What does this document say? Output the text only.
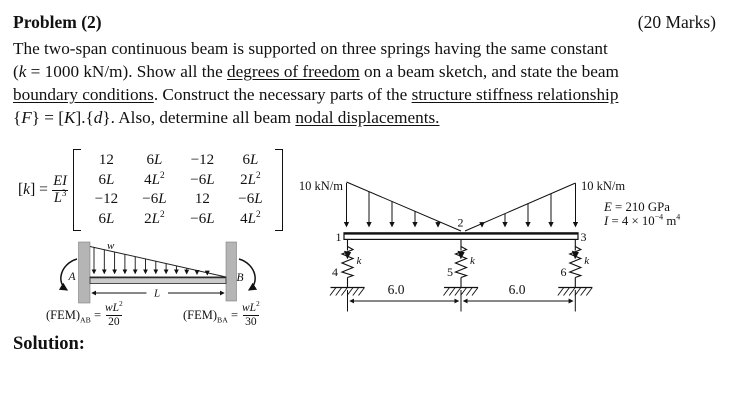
Problem (2)	(20 Marks)
The two-span continuous beam is supported on three springs having the same constant
(k = 1000 kN/m). Show all the degrees of freedom on a beam sketch, and state the beam
boundary conditions. Construct the necessary parts of the structure stiffness relationship
{F} = [K].{d}. Also, determine all beam nodal displacements.
$[k] = \frac{EI}{L^3}$
12	6L	−12	6L
6L	$4L^2$	−6L	$2L^2$
−12	−6L	12	−6L
6L	$2L^2$	−6L	$4L^2$
L
w
A	B
$(FEM)_{AB} = \frac{wL^2}{20}$	$(FEM)_{BA} = \frac{wL^2}{30}$
10 kN/m	10 kN/m
1
2
3
4	5	6
k	k	k
6.0	6.0
E = 210 GPa
$I = 4 \times 10^{-4}$ $m^4$
Solution:
